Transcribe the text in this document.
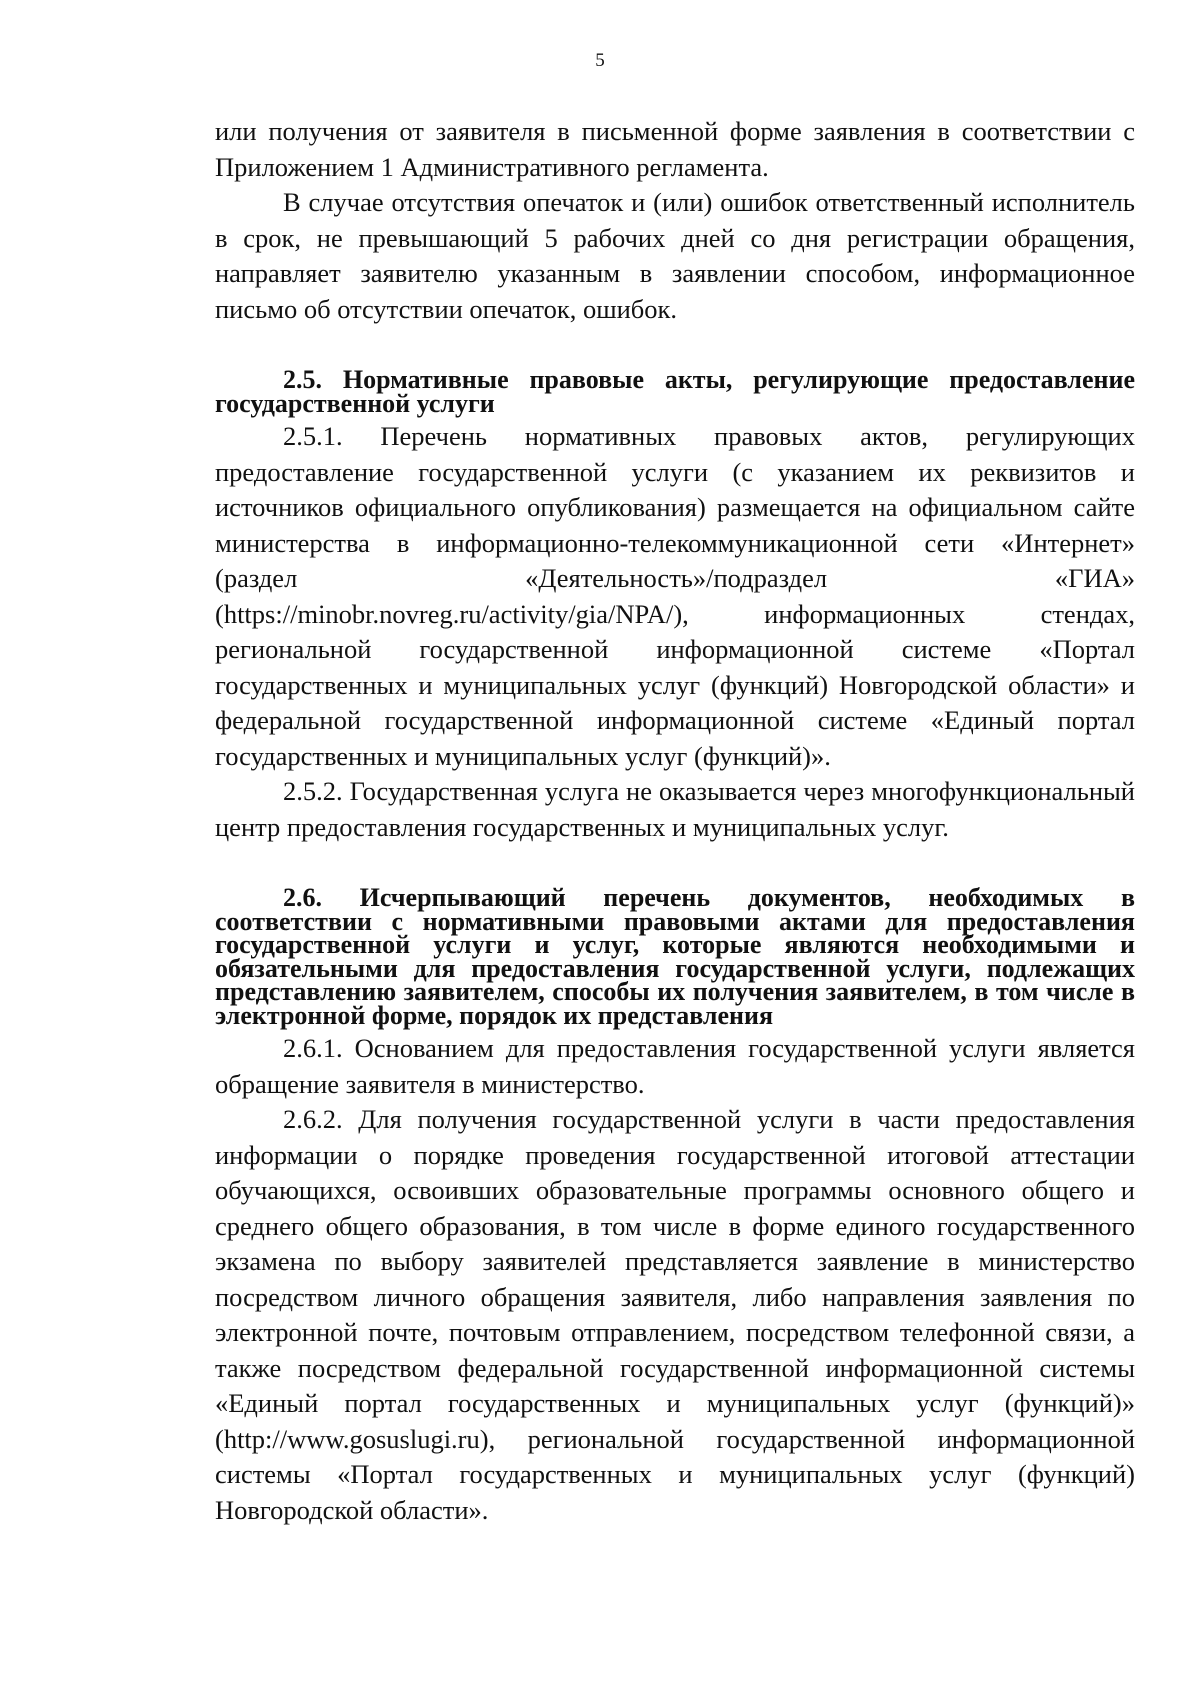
5

или получения от заявителя в письменной форме заявления в соответствии с Приложением 1 Административного регламента.

В случае отсутствия опечаток и (или) ошибок ответственный исполнитель в срок, не превышающий 5 рабочих дней со дня регистрации обращения, направляет заявителю указанным в заявлении способом, информационное письмо об отсутствии опечаток, ошибок.

2.5. Нормативные правовые акты, регулирующие предоставление государственной услуги

2.5.1. Перечень нормативных правовых актов, регулирующих предоставление государственной услуги (с указанием их реквизитов и источников официального опубликования) размещается на официальном сайте министерства в информационно-телекоммуникационной сети «Интернет» (раздел «Деятельность»/подраздел «ГИА» (https://minobr.novreg.ru/activity/gia/NPA/), информационных стендах, региональной государственной информационной системе «Портал государственных и муниципальных услуг (функций) Новгородской области» и федеральной государственной информационной системе «Единый портал государственных и муниципальных услуг (функций)».

2.5.2. Государственная услуга не оказывается через многофункциональный центр предоставления государственных и муниципальных услуг.

2.6. Исчерпывающий перечень документов, необходимых в соответствии с нормативными правовыми актами для предоставления государственной услуги и услуг, которые являются необходимыми и обязательными для предоставления государственной услуги, подлежащих представлению заявителем, способы их получения заявителем, в том числе в электронной форме, порядок их представления

2.6.1. Основанием для предоставления государственной услуги является обращение заявителя в министерство.

2.6.2. Для получения государственной услуги в части предоставления информации о порядке проведения государственной итоговой аттестации обучающихся, освоивших образовательные программы основного общего и среднего общего образования, в том числе в форме единого государственного экзамена по выбору заявителей представляется заявление в министерство посредством личного обращения заявителя, либо направления заявления по электронной почте, почтовым отправлением, посредством телефонной связи, а также посредством федеральной государственной информационной системы «Единый портал государственных и муниципальных услуг (функций)» (http://www.gosuslugi.ru), региональной государственной информационной системы «Портал государственных и муниципальных услуг (функций) Новгородской области».
